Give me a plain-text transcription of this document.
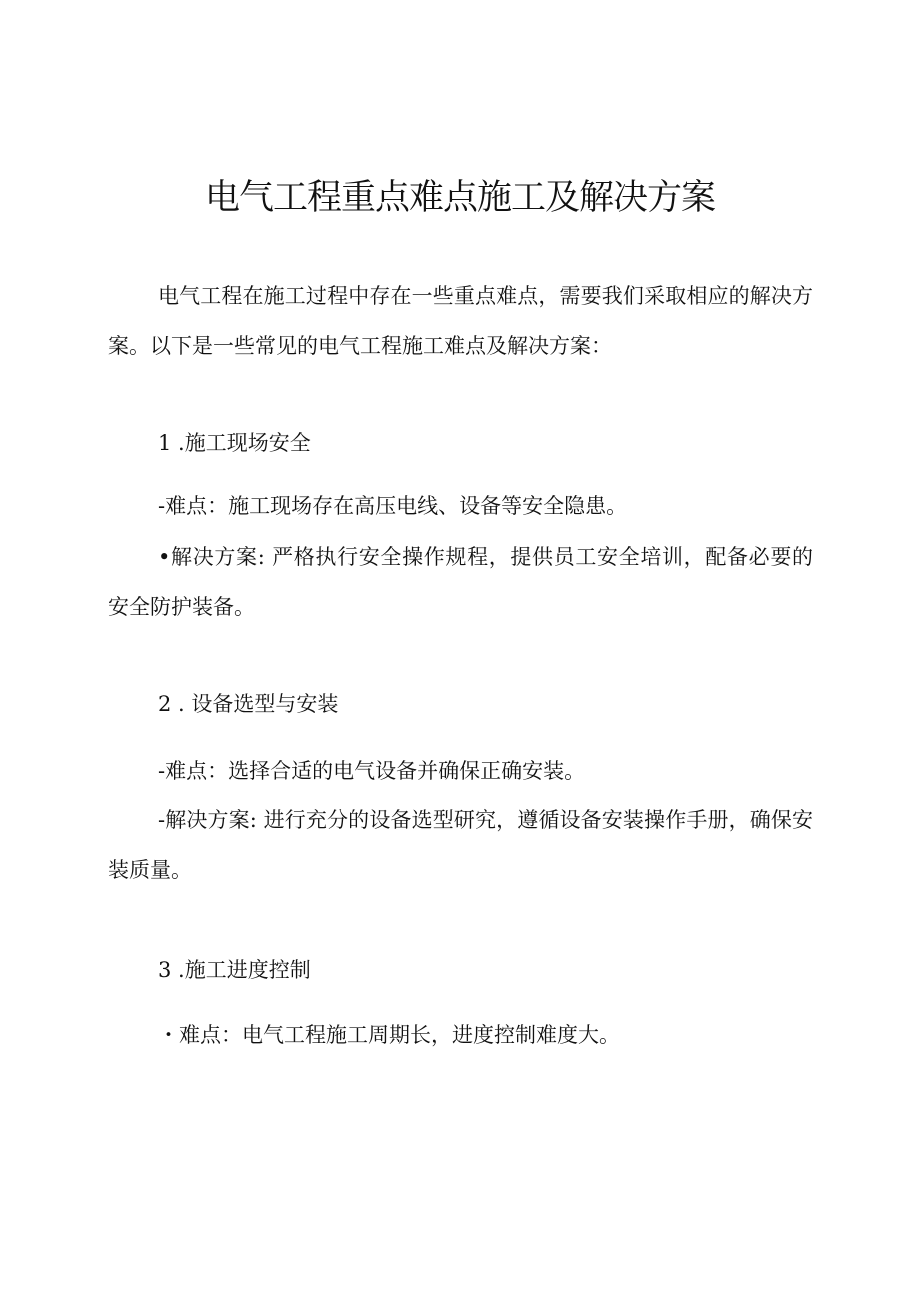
电气工程重点难点施工及解决方案

电气工程在施工过程中存在一些重点难点，需要我们采取相应的解决方案。以下是一些常见的电气工程施工难点及解决方案：

1 .施工现场安全

-难点：施工现场存在高压电线、设备等安全隐患。

•解决方案: 严格执行安全操作规程，提供员工安全培训，配备必要的安全防护装备。

2 . 设备选型与安装

-难点：选择合适的电气设备并确保正确安装。

-解决方案: 进行充分的设备选型研究，遵循设备安装操作手册，确保安装质量。

3 .施工进度控制

・难点：电气工程施工周期长，进度控制难度大。
